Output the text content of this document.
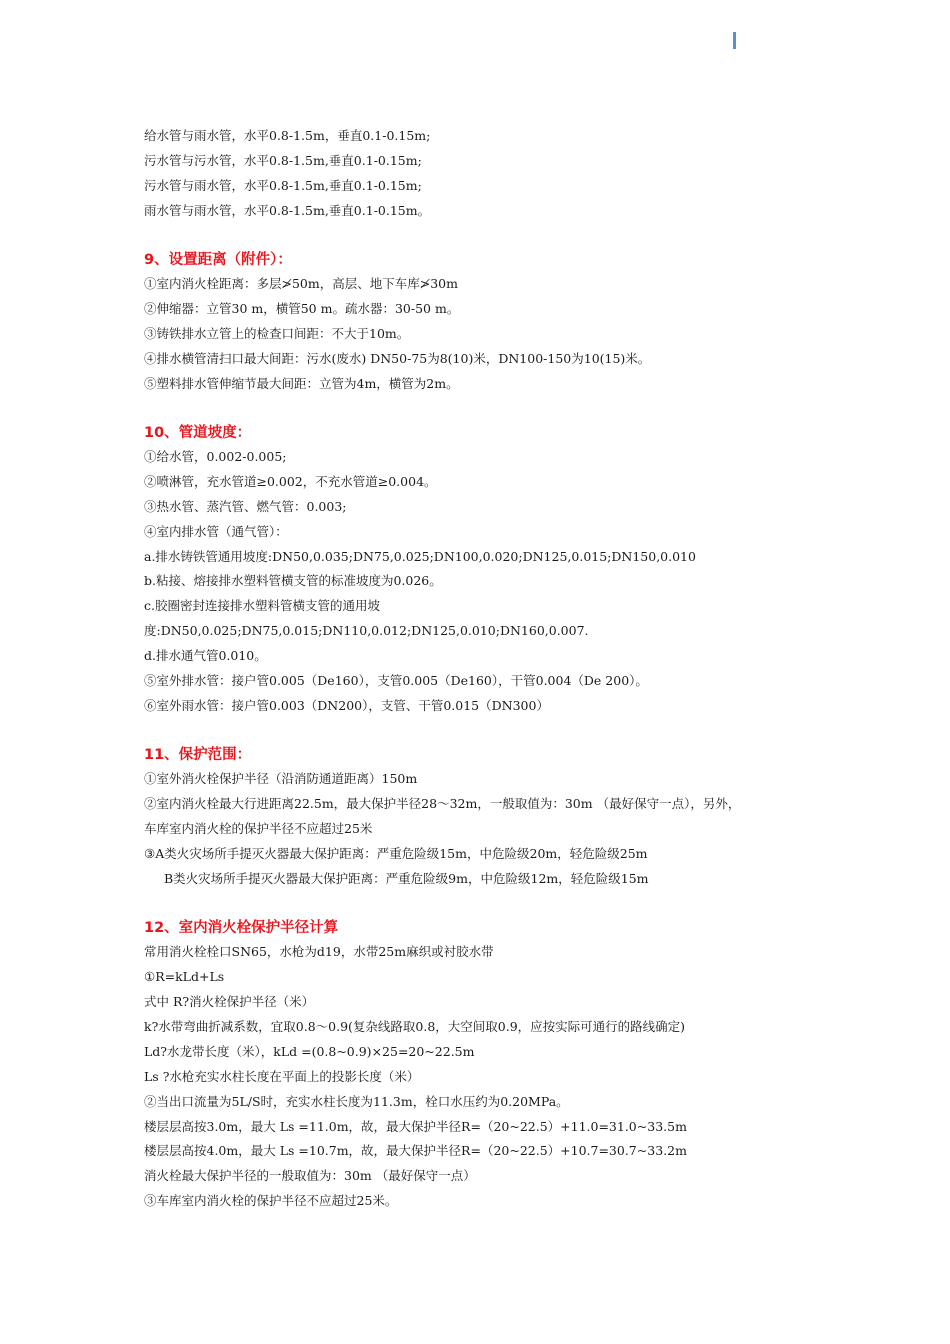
给水管与雨水管，水平0.8-1.5m，垂直0.1-0.15m;
污水管与污水管，水平0.8-1.5m,垂直0.1-0.15m;
污水管与雨水管，水平0.8-1.5m,垂直0.1-0.15m;
雨水管与雨水管，水平0.8-1.5m,垂直0.1-0.15m。
9、设置距离（附件）：
①室内消火栓距离：多层≯50m，高层、地下车库≯30m
②伸缩器：立管30 m，横管50 m。疏水器：30-50 m。
③铸铁排水立管上的检查口间距：不大于10m。
④排水横管清扫口最大间距：污水(废水) DN50-75为8(10)米，DN100-150为10(15)米。
⑤塑料排水管伸缩节最大间距：立管为4m，横管为2m。
10、管道坡度：
①给水管，0.002-0.005;
②喷淋管，充水管道≥0.002，不充水管道≥0.004。
③热水管、蒸汽管、燃气管：0.003;
④室内排水管（通气管）：
a.排水铸铁管通用坡度:DN50,0.035;DN75,0.025;DN100,0.020;DN125,0.015;DN150,0.010
b.粘接、熔接排水塑料管横支管的标准坡度为0.026。
c.胶圈密封连接排水塑料管横支管的通用坡
度:DN50,0.025;DN75,0.015;DN110,0.012;DN125,0.010;DN160,0.007.
d.排水通气管0.010。
⑤室外排水管：接户管0.005（De160），支管0.005（De160），干管0.004（De 200）。
⑥室外雨水管：接户管0.003（DN200），支管、干管0.015（DN300）
11、保护范围：
①室外消火栓保护半径（沿消防通道距离）150m
②室内消火栓最大行进距离22.5m，最大保护半径28～32m，一般取值为：30m （最好保守一点），另外，
车库室内消火栓的保护半径不应超过25米
③A类火灾场所手提灭火器最大保护距离：严重危险级15m，中危险级20m，轻危险级25m
B类火灾场所手提灭火器最大保护距离：严重危险级9m，中危险级12m，轻危险级15m
12、室内消火栓保护半径计算
常用消火栓栓口SN65，水枪为d19，水带25m麻织或衬胶水带
①R=kLd+Ls
式中 R?消火栓保护半径（米）
k?水带弯曲折减系数，宜取0.8～0.9(复杂线路取0.8，大空间取0.9，应按实际可通行的路线确定)
Ld?水龙带长度（米），kLd =(0.8~0.9)×25=20~22.5m
Ls ?水枪充实水柱长度在平面上的投影长度（米）
②当出口流量为5L/S时，充实水柱长度为11.3m，栓口水压约为0.20MPa。
楼层层高按3.0m，最大 Ls =11.0m，故，最大保护半径R=（20~22.5）+11.0=31.0~33.5m
楼层层高按4.0m，最大 Ls =10.7m，故，最大保护半径R=（20~22.5）+10.7=30.7~33.2m
消火栓最大保护半径的一般取值为：30m （最好保守一点）
③车库室内消火栓的保护半径不应超过25米。
